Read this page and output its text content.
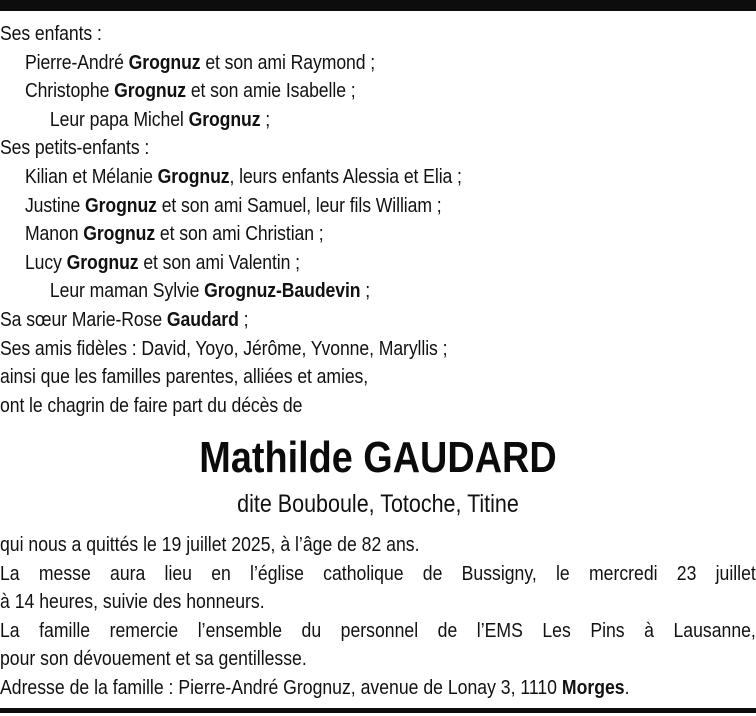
Ses enfants :
Pierre-André Grognuz et son ami Raymond ;
Christophe Grognuz et son amie Isabelle ;
Leur papa Michel Grognuz ;
Ses petits-enfants :
Kilian et Mélanie Grognuz, leurs enfants Alessia et Elia ;
Justine Grognuz et son ami Samuel, leur fils William ;
Manon Grognuz et son ami Christian ;
Lucy Grognuz et son ami Valentin ;
Leur maman Sylvie Grognuz-Baudevin ;
Sa sœur Marie-Rose Gaudard ;
Ses amis fidèles : David, Yoyo, Jérôme, Yvonne, Maryllis ;
ainsi que les familles parentes, alliées et amies,
ont le chagrin de faire part du décès de
Mathilde GAUDARD
dite Bouboule, Totoche, Titine
qui nous a quittés le 19 juillet 2025, à l’âge de 82 ans.
La messe aura lieu en l’église catholique de Bussigny, le mercredi 23 juillet
à 14 heures, suivie des honneurs.
La famille remercie l’ensemble du personnel de l’EMS Les Pins à Lausanne,
pour son dévouement et sa gentillesse.
Adresse de la famille : Pierre-André Grognuz, avenue de Lonay 3, 1110 Morges.
